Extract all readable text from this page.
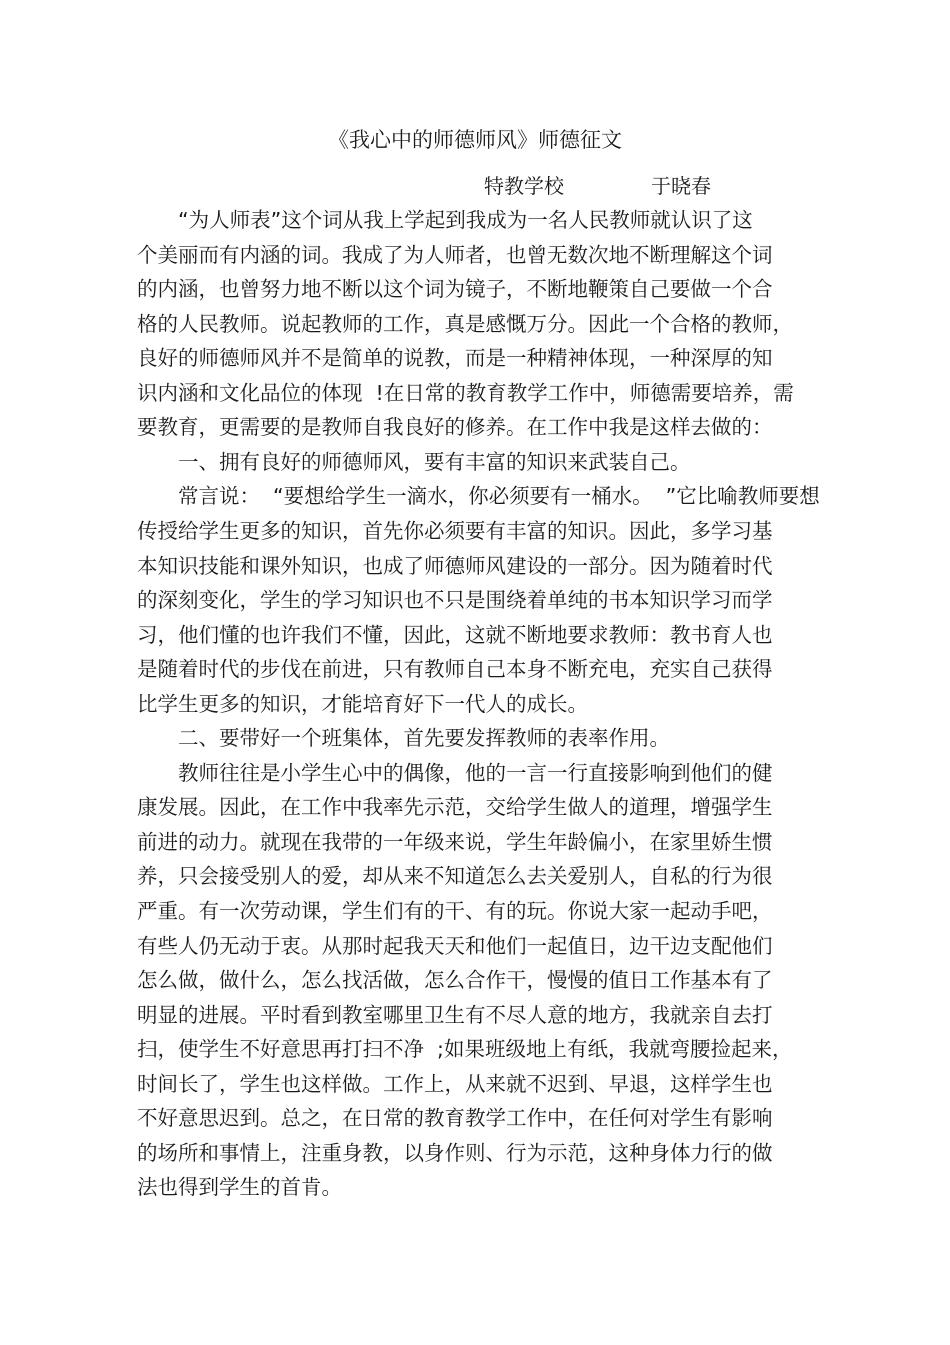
《我心中的师德师风》师德征文
特教学校	于晓春
　　“为人师表”这个词从我上学起到我成为一名人民教师就认识了这
个美丽而有内涵的词。我成了为人师者，也曾无数次地不断理解这个词
的内涵，也曾努力地不断以这个词为镜子，不断地鞭策自己要做一个合
格的人民教师。说起教师的工作，真是感慨万分。因此一个合格的教师，
良好的师德师风并不是简单的说教，而是一种精神体现，一种深厚的知
识内涵和文化品位的体现  !在日常的教育教学工作中，师德需要培养，需
要教育，更需要的是教师自我良好的修养。在工作中我是这样去做的：
　　一、拥有良好的师德师风，要有丰富的知识来武装自己。
　　常言说：  “要想给学生一滴水，你必须要有一桶水。  ”它比喻教师要想
传授给学生更多的知识，首先你必须要有丰富的知识。因此，多学习基
本知识技能和课外知识，也成了师德师风建设的一部分。因为随着时代
的深刻变化，学生的学习知识也不只是围绕着单纯的书本知识学习而学
习，他们懂的也许我们不懂，因此，这就不断地要求教师：教书育人也
是随着时代的步伐在前进，只有教师自己本身不断充电，充实自己获得
比学生更多的知识，才能培育好下一代人的成长。
　　二、要带好一个班集体，首先要发挥教师的表率作用。
　　教师往往是小学生心中的偶像，他的一言一行直接影响到他们的健
康发展。因此，在工作中我率先示范，交给学生做人的道理，增强学生
前进的动力。就现在我带的一年级来说，学生年龄偏小，在家里娇生惯
养，只会接受别人的爱，却从来不知道怎么去关爱别人，自私的行为很
严重。有一次劳动课，学生们有的干、有的玩。你说大家一起动手吧，
有些人仍无动于衷。从那时起我天天和他们一起值日，边干边支配他们
怎么做，做什么，怎么找活做，怎么合作干，慢慢的值日工作基本有了
明显的进展。平时看到教室哪里卫生有不尽人意的地方，我就亲自去打
扫，使学生不好意思再打扫不净  ;如果班级地上有纸，我就弯腰捡起来，
时间长了，学生也这样做。工作上，从来就不迟到、早退，这样学生也
不好意思迟到。总之，在日常的教育教学工作中，在任何对学生有影响
的场所和事情上，注重身教，以身作则、行为示范，这种身体力行的做
法也得到学生的首肯。
